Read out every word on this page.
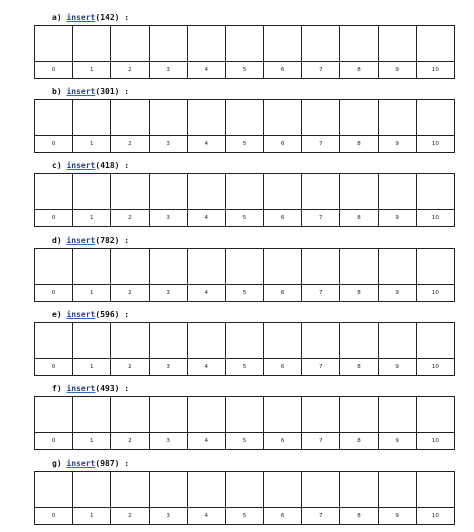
a) insert(142) :

0	1	2	3	4	5	6	7	8	9	10
b) insert(301) :

0	1	2	3	4	5	6	7	8	9	10
c) insert(418) :

0	1	2	3	4	5	6	7	8	9	10
d) insert(782) :

0	1	2	3	4	5	6	7	8	9	10
e) insert(596) :

0	1	2	3	4	5	6	7	8	9	10
f) insert(493) :

0	1	2	3	4	5	6	7	8	9	10
g) insert(987) :

0	1	2	3	4	5	6	7	8	9	10
